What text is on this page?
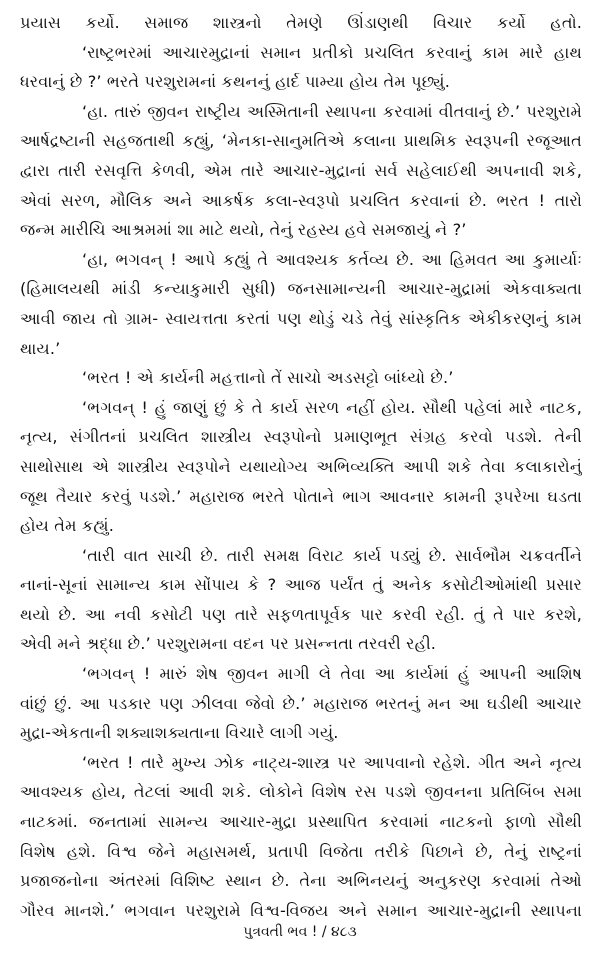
પ્રયાસ કર્યો. સમાજ શાસ્ત્રનો તેમણે ઊંડાણથી વિચાર કર્યો હતો.
‘રાષ્ટ્રભરમાં આચારમુદ્રાનાં સમાન પ્રતીકો પ્રચલિત કરવાનું કામ મારે હાથ
ધરવાનું છે ?’ ભરતે પરશુરામનાં કથનનું હાર્દ પામ્યા હોય તેમ પૂછ્યું.
‘હા. તારું જીવન રાષ્ટ્રીય અસ્મિતાની સ્થાપના કરવામાં વીતવાનું છે.’ પરશુરામે
આર્ષદ્રષ્ટાની સહજતાથી કહ્યું, ‘મેનકા-સાનુમતિએ કલાના પ્રાથમિક સ્વરૂપની રજૂઆત
દ્વારા તારી રસવૃત્તિ કેળવી, એમ તારે આચાર-મુદ્રાનાં સર્વ સહેલાઈથી અપનાવી શકે,
એવાં સરળ, મૌલિક અને આકર્ષક કલા-સ્વરૂપો પ્રચલિત કરવાનાં છે. ભરત ! તારો
જન્મ મારીચિ આશ્રમમાં શા માટે થયો, તેનું રહસ્ય હવે સમજાયું ને ?’
‘હા, ભગવન્ ! આપે કહ્યું તે આવશ્યક કર્તવ્ય છે. આ હિમવત આ કુમાર્યાઃ
(હિમાલયથી માંડી કન્યાકુમારી સુધી) જનસામાન્યની આચાર-મુદ્રામાં એકવાક્યતા
આવી જાય તો ગ્રામ- સ્વાયત્તતા કરતાં પણ થોડું ચડે તેવું સાંસ્કૃતિક એકીકરણનું કામ
થાય.’
‘ભરત ! એ કાર્યની મહત્તાનો તેં સાચો અડસટ્ટો બાંધ્યો છે.’
‘ભગવન્ ! હું જાણું છું કે તે કાર્ય સરળ નહીં હોય. સૌથી પહેલાં મારે નાટક,
નૃત્ય, સંગીતનાં પ્રચલિત શાસ્ત્રીય સ્વરૂપોનો પ્રમાણભૂત સંગ્રહ કરવો પડશે. તેની
સાથોસાથ એ શાસ્ત્રીય સ્વરૂપોને યથાયોગ્ય અભિવ્યક્તિ આપી શકે તેવા કલાકારોનું
જૂથ તૈયાર કરવું પડશે.’ મહારાજ ભરતે પોતાને ભાગ આવનાર કામની રૂપરેખા ઘડતા
હોય તેમ કહ્યું.
‘તારી વાત સાચી છે. તારી સમક્ષ વિરાટ કાર્ય પડ્યું છે. સાર્વભૌમ ચક્રવર્તીને
નાનાં-સૂનાં સામાન્ય કામ સોંપાય કે ? આજ પર્યંત તું અનેક કસોટીઓમાંથી પ્રસાર
થયો છે. આ નવી કસોટી પણ તારે સફળતાપૂર્વક પાર કરવી રહી. તું તે પાર કરશે,
એવી મને શ્રદ્ધા છે.’ પરશુરામના વદન પર પ્રસન્નતા તરવરી રહી.
‘ભગવન્ ! મારું શેષ જીવન માગી લે તેવા આ કાર્યમાં હું આપની આશિષ
વાંછું છું. આ પડકાર પણ ઝીલવા જેવો છે.’ મહારાજ ભરતનું મન આ ઘડીથી આચાર
મુદ્રા-એકતાની શક્યાશક્યતાના વિચારે લાગી ગયું.
‘ભરત ! તારે મુખ્ય ઝોક નાટ્ય-શાસ્ત્ર પર આપવાનો રહેશે. ગીત અને નૃત્ય
આવશ્યક હોય, તેટલાં આવી શકે. લોકોને વિશેષ રસ પડશે જીવનના પ્રતિબિંબ સમા
નાટકમાં. જનતામાં સામન્ય આચાર-મુદ્રા પ્રસ્થાપિત કરવામાં નાટકનો ફાળો સૌથી
વિશેષ હશે. વિશ્વ જેને મહાસમર્થ, પ્રતાપી વિજેતા તરીકે પિછાને છે, તેનું રાષ્ટ્રનાં
પ્રજાજનોના અંતરમાં વિશિષ્ટ સ્થાન છે. તેના અભિનયનું અનુકરણ કરવામાં તેઓ
ગૌરવ માનશે.’ ભગવાન પરશુરામે વિશ્વ-વિજય અને સમાન આચાર-મુદ્રાની સ્થાપના
પુત્રવતી ભવ ! / ૪૮૩
